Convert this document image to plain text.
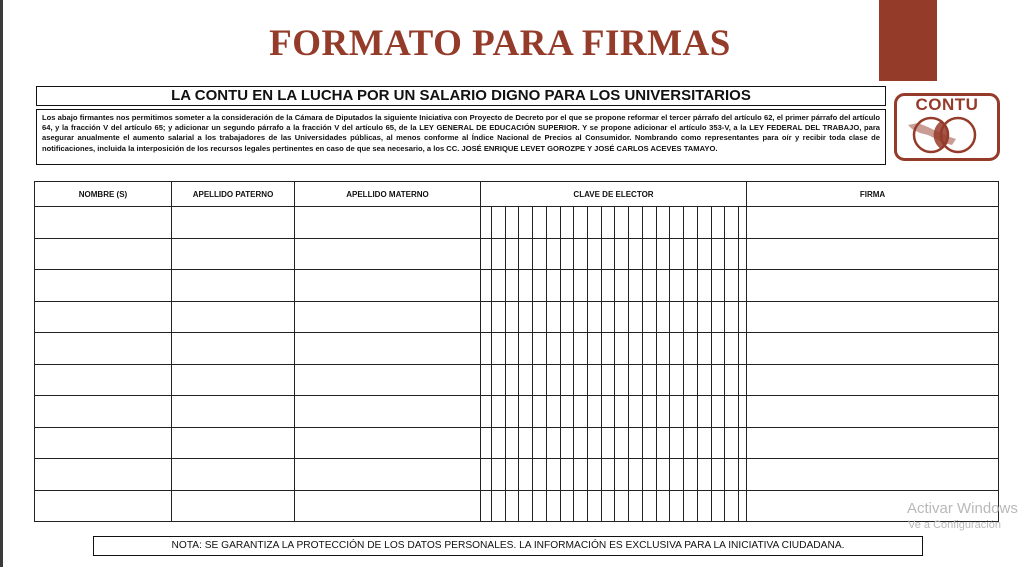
FORMATO PARA FIRMAS
LA CONTU EN LA LUCHA POR UN SALARIO DIGNO PARA LOS UNIVERSITARIOS
Los abajo firmantes nos permitimos someter a la consideración de la Cámara de Diputados la siguiente Iniciativa con Proyecto de Decreto por el que se propone reformar el tercer párrafo del artículo 62, el primer párrafo del artículo 64, y la fracción V del artículo 65; y adicionar un segundo párrafo a la fracción V del artículo 65, de la LEY GENERAL DE EDUCACIÓN SUPERIOR. Y se propone adicionar el artículo 353-V, a la LEY FEDERAL DEL TRABAJO, para asegurar anualmente el aumento salarial a los trabajadores de las Universidades públicas, al menos conforme al Índice Nacional de Precios al Consumidor. Nombrando como representantes para oír y recibir toda clase de notificaciones, incluida la interposición de los recursos legales pertinentes en caso de que sea necesario, a los CC. JOSÉ ENRIQUE LEVET GOROZPE Y JOSÉ CARLOS ACEVES TAMAYO.
CONTU
NOMBRE (S)	APELLIDO PATERNO	APELLIDO MATERNO	CLAVE DE ELECTOR	FIRMA

NOTA: SE GARANTIZA LA PROTECCIÓN DE LOS DATOS PERSONALES. LA INFORMACIÓN ES EXCLUSIVA PARA LA INICIATIVA CIUDADANA.
Activar Windows
Ve a Configuración
